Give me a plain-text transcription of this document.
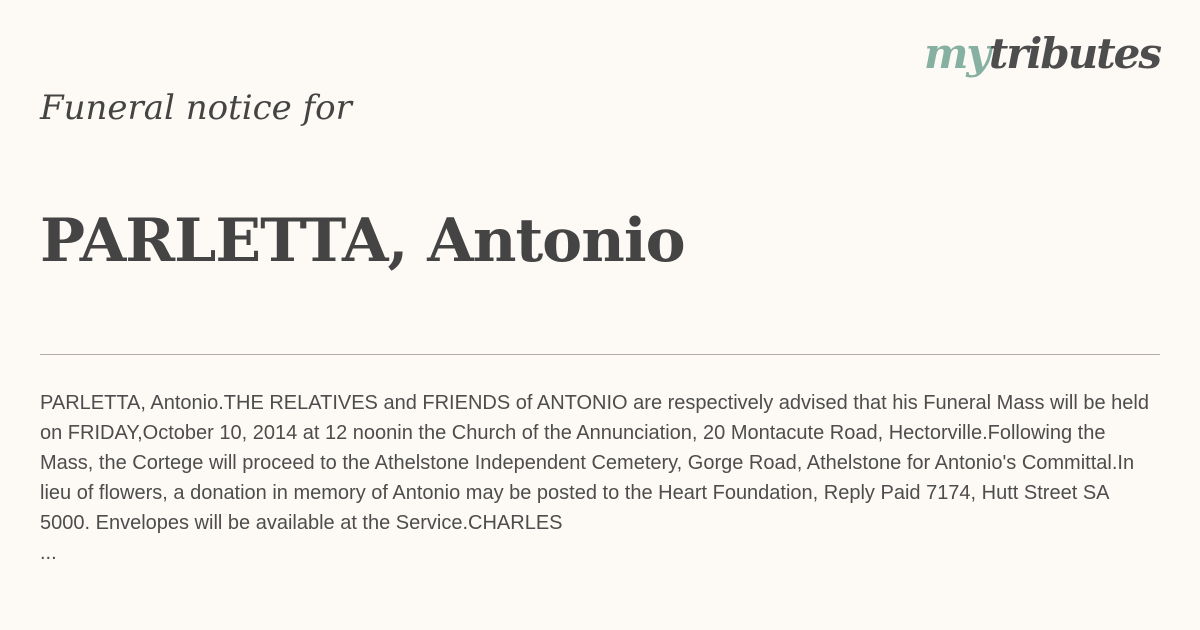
mytributes
Funeral notice for
PARLETTA, Antonio

PARLETTA, Antonio.THE RELATIVES and FRIENDS of ANTONIO are respectively advised that his Funeral Mass will be held on FRIDAY,October 10, 2014 at 12 noonin the Church of the Annunciation, 20 Montacute Road, Hectorville.Following the Mass, the Cortege will proceed to the Athelstone Independent Cemetery, Gorge Road, Athelstone for Antonio's Committal.In lieu of flowers, a donation in memory of Antonio may be posted to the Heart Foundation, Reply Paid 7174, Hutt Street SA 5000. Envelopes will be available at the Service.CHARLES

...
